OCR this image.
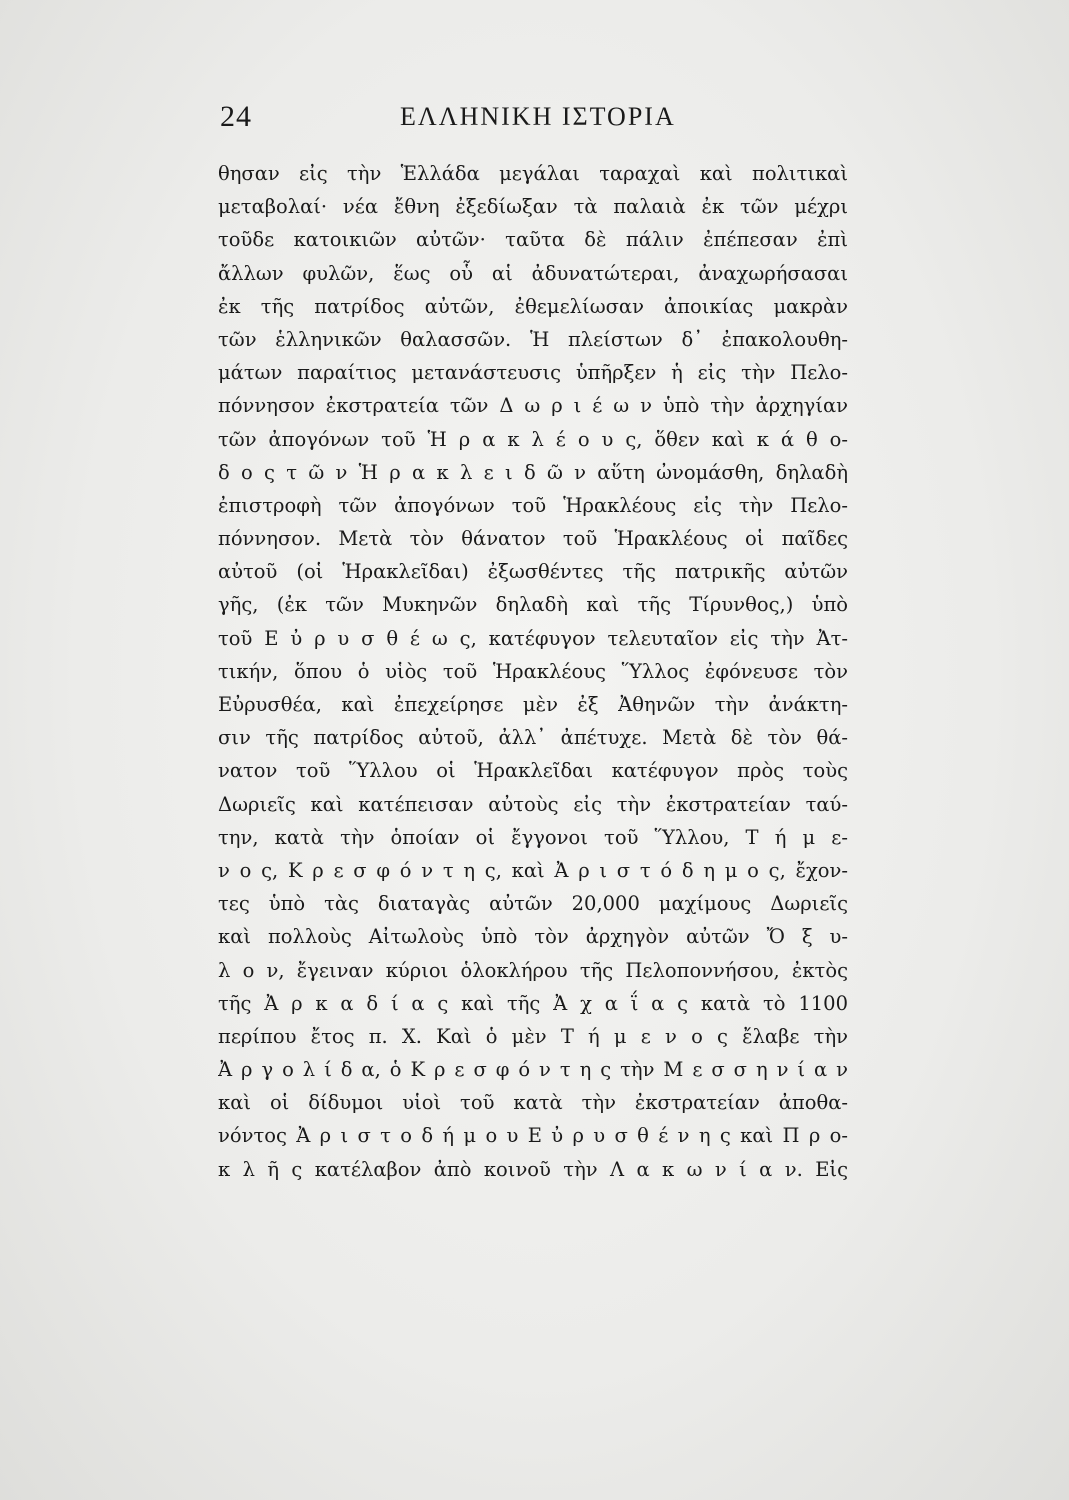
24	ΕΛΛΗΝΙΚΗ ΙΣΤΟΡΙΑ
θησαν εἰς τὴν Ἑλλάδα μεγάλαι ταραχαὶ καὶ πολιτικαὶ
μεταβολαί· νέα ἔθνη ἐξεδίωξαν τὰ παλαιὰ ἐκ τῶν μέχρι
τοῦδε κατοικιῶν αὐτῶν· ταῦτα δὲ πάλιν ἐπέπεσαν ἐπὶ
ἄλλων φυλῶν, ἕως οὗ αἱ ἀδυνατώτεραι, ἀναχωρήσασαι
ἐκ τῆς πατρίδος αὐτῶν, ἐθεμελίωσαν ἀποικίας μακρὰν
τῶν ἑλληνικῶν θαλασσῶν. Ἡ πλείστων δ᾽ ἐπακολουθη-
μάτων παραίτιος μετανάστευσις ὑπῆρξεν ἡ εἰς τὴν Πελο-
πόννησον ἐκστρατεία τῶν Δ ω ρ ι έ ω ν ὑπὸ τὴν ἀρχηγίαν
τῶν ἀπογόνων τοῦ Ἡ ρ α κ λ έ ο υ ς, ὅθεν καὶ κ ά θ ο-
δ ο ς τ ῶ ν Ἡ ρ α κ λ ε ι δ ῶ ν αὕτη ὠνομάσθη, δηλαδὴ
ἐπιστροφὴ τῶν ἀπογόνων τοῦ Ἡρακλέους εἰς τὴν Πελο-
πόννησον. Μετὰ τὸν θάνατον τοῦ Ἡρακλέους οἱ παῖδες
αὐτοῦ (οἱ Ἡρακλεῖδαι) ἐξωσθέντες τῆς πατρικῆς αὐτῶν
γῆς, (ἐκ τῶν Μυκηνῶν δηλαδὴ καὶ τῆς Τίρυνθος,) ὑπὸ
τοῦ Ε ὐ ρ υ σ θ έ ω ς, κατέφυγον τελευταῖον εἰς τὴν Ἀτ-
τικήν, ὅπου ὁ υἱὸς τοῦ Ἡρακλέους Ὕλλος ἐφόνευσε τὸν
Εὐρυσθέα, καὶ ἐπεχείρησε μὲν ἐξ Ἀθηνῶν τὴν ἀνάκτη-
σιν τῆς πατρίδος αὐτοῦ, ἀλλ᾽ ἀπέτυχε. Μετὰ δὲ τὸν θά-
νατον τοῦ Ὕλλου οἱ Ἡρακλεῖδαι κατέφυγον πρὸς τοὺς
Δωριεῖς καὶ κατέπεισαν αὐτοὺς εἰς τὴν ἐκστρατείαν ταύ-
την, κατὰ τὴν ὁποίαν οἱ ἔγγονοι τοῦ Ὕλλου, Τ ή μ ε-
ν ο ς, Κ ρ ε σ φ ό ν τ η ς, καὶ Ἀ ρ ι σ τ ό δ η μ ο ς, ἔχον-
τες ὑπὸ τὰς διαταγὰς αὐτῶν 20,000 μαχίμους Δωριεῖς
καὶ πολλοὺς Αἰτωλοὺς ὑπὸ τὸν ἀρχηγὸν αὐτῶν Ὄ ξ υ-
λ ο ν, ἔγειναν κύριοι ὁλοκλήρου τῆς Πελοποννήσου, ἐκτὸς
τῆς Ἀ ρ κ α δ ί α ς καὶ τῆς Ἀ χ α ΐ α ς κατὰ τὸ 1100
περίπου ἔτος π. Χ. Καὶ ὁ μὲν Τ ή μ ε ν ο ς ἔλαβε τὴν
Ἀ ρ γ ο λ ί δ α, ὁ Κ ρ ε σ φ ό ν τ η ς τὴν Μ ε σ σ η ν ί α ν
καὶ οἱ δίδυμοι υἱοὶ τοῦ κατὰ τὴν ἐκστρατείαν ἀποθα-
νόντος Ἀ ρ ι σ τ ο δ ή μ ο υ Ε ὐ ρ υ σ θ έ ν η ς καὶ Π ρ ο-
κ λ ῆ ς κατέλαβον ἀπὸ κοινοῦ τὴν Λ α κ ω ν ί α ν. Εἰς
